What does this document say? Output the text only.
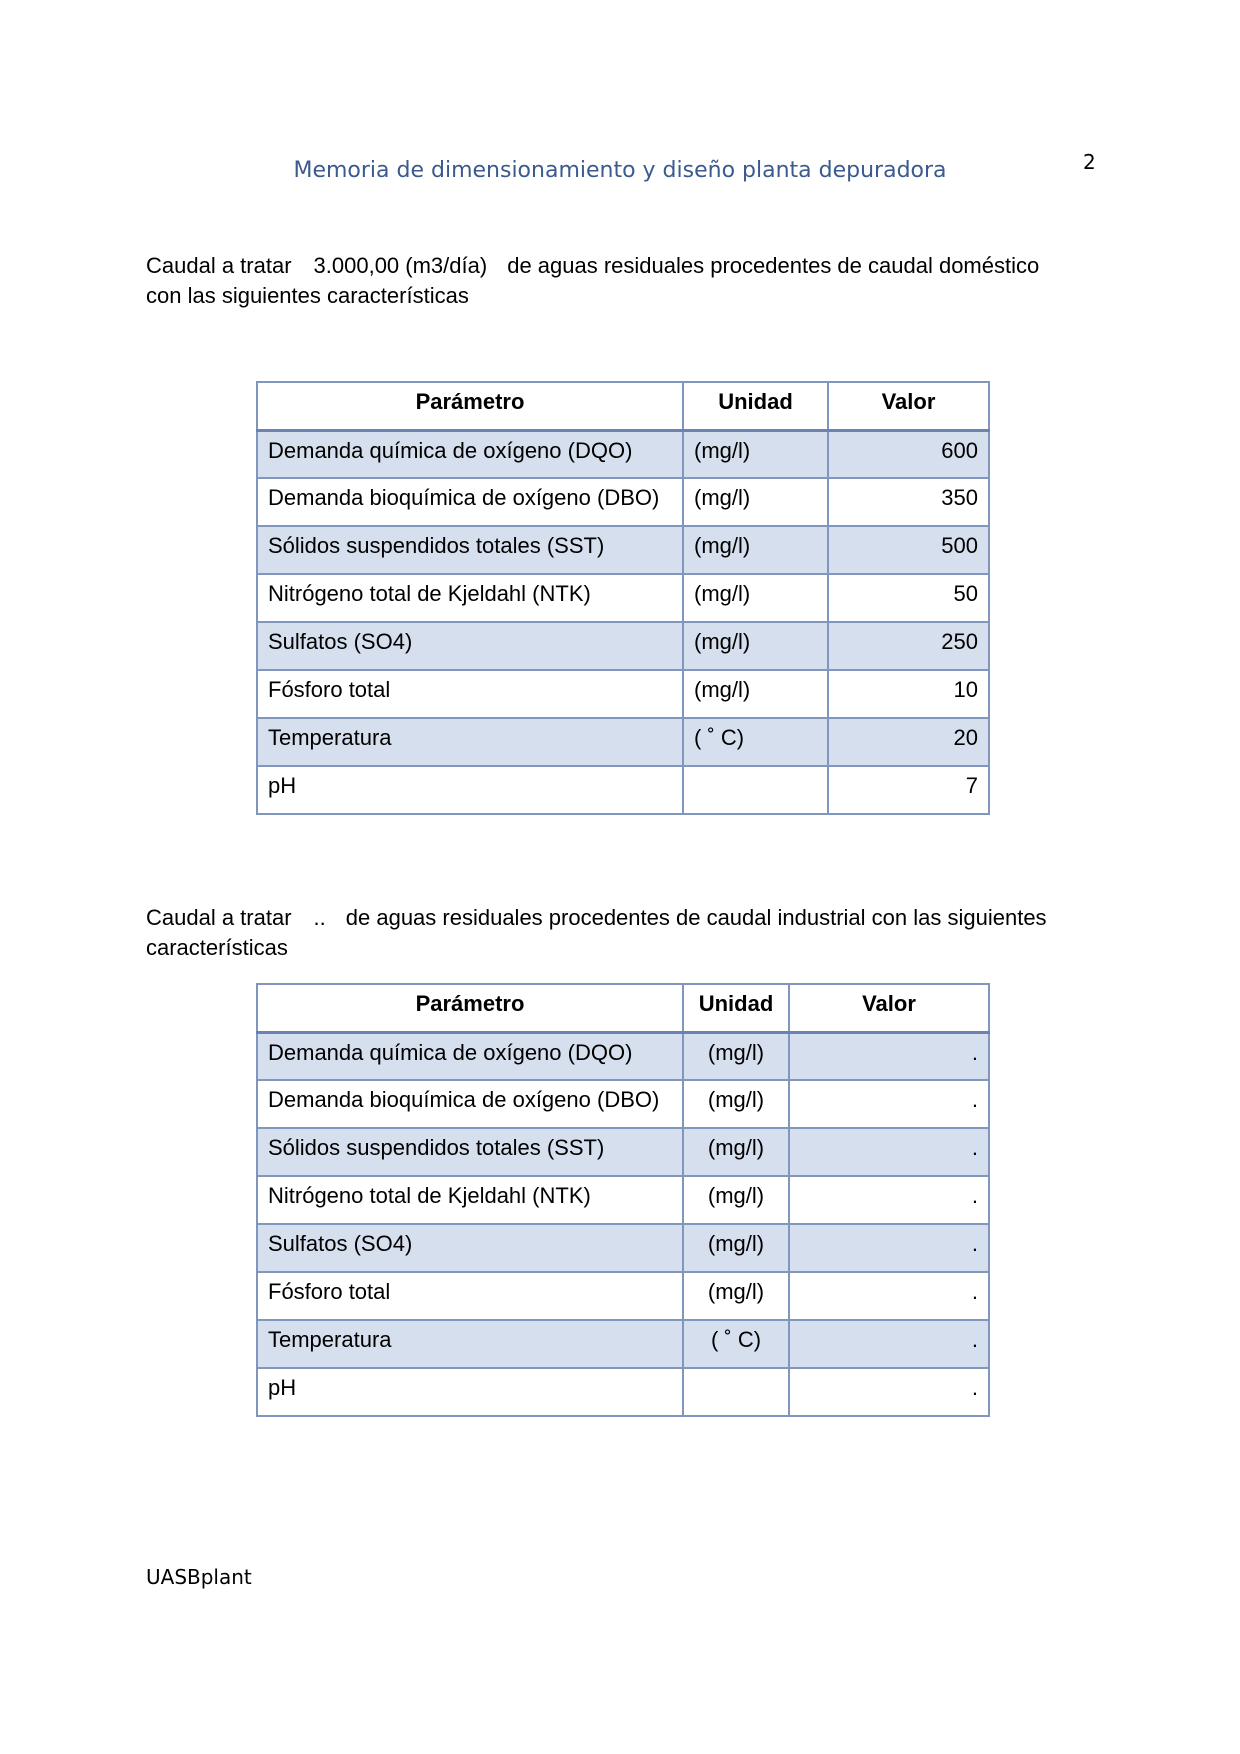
Memoria de dimensionamiento y diseño planta depuradora	2

Caudal a tratar 3.000,00 (m3/día) de aguas residuales procedentes de caudal doméstico
con las siguientes características

Parámetro	Unidad	Valor
Demanda química de oxígeno (DQO)	(mg/l)	600
Demanda bioquímica de oxígeno (DBO)	(mg/l)	350
Sólidos suspendidos totales (SST)	(mg/l)	500
Nitrógeno total de Kjeldahl (NTK)	(mg/l)	50
Sulfatos (SO4)	(mg/l)	250
Fósforo total	(mg/l)	10
Temperatura	( ˚ C)	20
pH		7

Caudal a tratar .. de aguas residuales procedentes de caudal industrial con las siguientes
características

Parámetro	Unidad	Valor
Demanda química de oxígeno (DQO)	(mg/l)	.
Demanda bioquímica de oxígeno (DBO)	(mg/l)	.
Sólidos suspendidos totales (SST)	(mg/l)	.
Nitrógeno total de Kjeldahl (NTK)	(mg/l)	.
Sulfatos (SO4)	(mg/l)	.
Fósforo total	(mg/l)	.
Temperatura	( ˚ C)	.
pH		.
UASBplant
